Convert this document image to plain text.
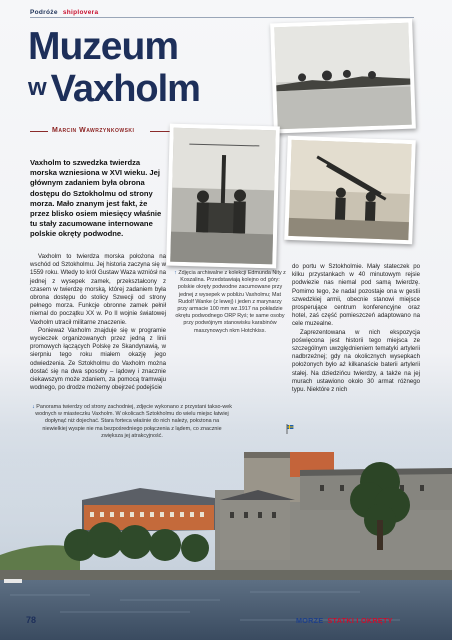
Podróże shiplovera
Muzeum
w Vaxholm
Marcin Wawrzynkowski
Vaxholm to szwedzka twierdza morska wzniesiona w XVI wieku. Jej głównym zadaniem była obrona dostępu do Sztokholmu od strony morza. Mało znanym jest fakt, że przez blisko osiem miesięcy właśnie tu stały zacumowane internowane polskie okręty podwodne.

Vaxholm to twierdza morska położona na wschód od Sztokholmu. Jej historia zaczyna się w 1559 roku. Wtedy to król Gustaw Waza wzniósł na jednej z wysepek zamek, przekształcony z czasem w twierdzę morską, której zadaniem była obrona dostępu do stolicy Szwecji od strony pełnego morza. Funkcje obronne zamek pełnił niemal do początku XX w. Po II wojnie światowej Vaxholm utracił militarne znaczenie.

Ponieważ Vaxholm znajduje się w programie wycieczek organizowanych przez jedną z linii promowych łączących Polskę ze Skandynawią, w sierpniu tego roku miałem okazję jego odwiedzenia. Ze Sztokholmu do Vaxholm można dostać się na dwa sposoby – lądowy i znacznie ciekawszym może zdaniem, za pomocą tramwaju wodnego, po drodze możemy obejrzeć podejście

↑ Zdjęcia archiwalne z kolekcji Edmunda Nity z Koszalina. Przedstawiają kolejno od góry: polskie okręty podwodne zacumowane przy jednej z wysepek w pobliżu Vaxholmu; Mat Rudolf Wanke (z lewej) i jeden z marynarzy przy armacie 100 mm wz.1917 na pokładzie okrętu podwodnego ORP Ryś; te same osoby przy podwójnym stanowisku karabinów maszynowych nkm Hotchkiss.

do portu w Sztokholmie. Mały stateczek po kilku przystankach w 40 minutowym rejsie podwiezie nas niemal pod samą twierdzę. Pomimo tego, że nadal pozostaje ona w gestii szwedzkiej armii, obecnie stanowi miejsce prosperujące centrum konferencyjne oraz hotel, zaś część pomieszczeń adaptowano na cele muzealne.

Zaprezentowana w nich ekspozycja poświęcona jest historii tego miejsca ze szczególnym uwzględnieniem tematyki artylerii nadbrzeżnej; gdy na okolicznych wysepkach położonych było aż kilkanaście baterii artylerii stałej. Na dziedzińcu twierdzy, a także na jej murach ustawiono około 30 armat różnego typu. Niektóre z nich

↓ Panorama twierdzy od strony zachodniej, zdjęcie wykonano z przystani takso-wek wodnych w miasteczku Vaxholm. W okolicach Sztokholmu do wielu miejsc łatwiej dopłynąć niż dojechać. Stara forteca właśnie do nich należy, położona na niewielkiej wyspie nie ma bezpośredniego połączenia z lądem, co znacznie zwiększa jej atrakcyjność.
78	MORZE STATKI I OKRĘTY
